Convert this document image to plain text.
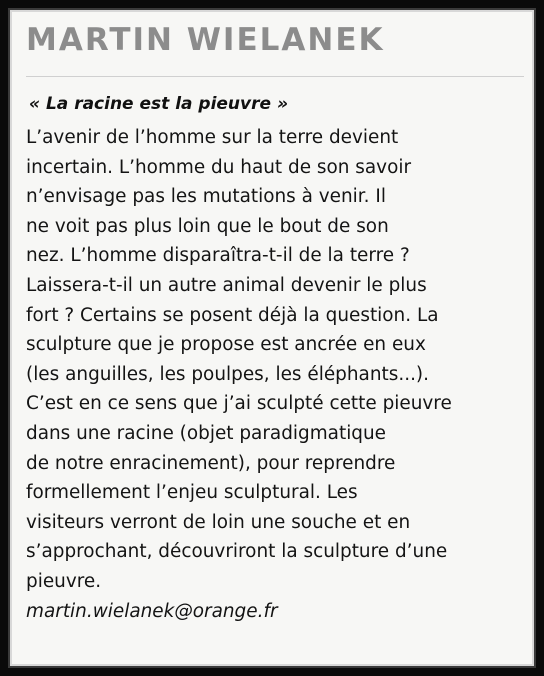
MARTIN WIELANEK

« La racine est la pieuvre »

L’avenir de l’homme sur la terre devient
incertain. L’homme du haut de son savoir
n’envisage pas les mutations à venir. Il
ne voit pas plus loin que le bout de son
nez. L’homme disparaîtra-t-il de la terre ?
Laissera-t-il un autre animal devenir le plus
fort ? Certains se posent déjà la question. La
sculpture que je propose est ancrée en eux
(les anguilles, les poulpes, les éléphants...).
C’est en ce sens que j’ai sculpté cette pieuvre
dans une racine (objet paradigmatique
de notre enracinement), pour reprendre
formellement l’enjeu sculptural. Les
visiteurs verront de loin une souche et en
s’approchant, découvriront la sculpture d’une
pieuvre.
martin.wielanek@orange.fr
